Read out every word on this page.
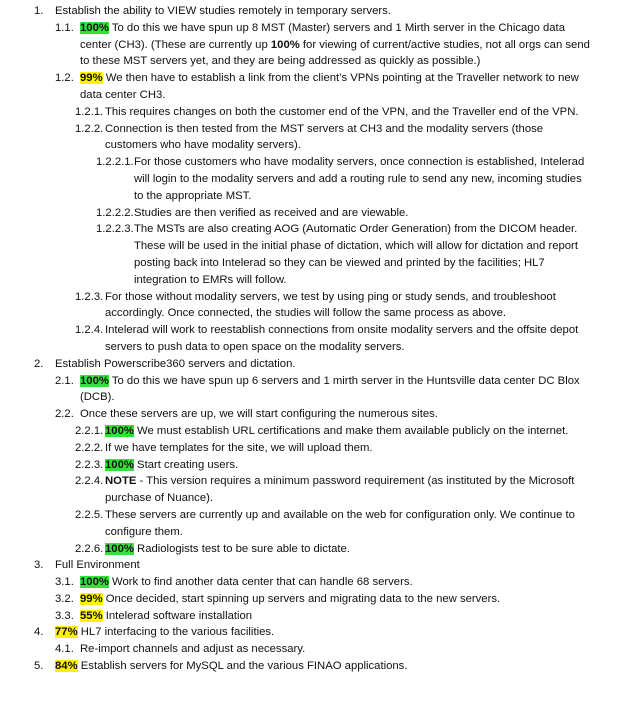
1. Establish the ability to VIEW studies remotely in temporary servers.
1.1. 100% To do this we have spun up 8 MST (Master) servers and 1 Mirth server in the Chicago data center (CH3). (These are currently up 100% for viewing of current/active studies, not all orgs can send to these MST servers yet, and they are being addressed as quickly as possible.)
1.2. 99% We then have to establish a link from the client’s VPNs pointing at the Traveller network to new data center CH3.
1.2.1. This requires changes on both the customer end of the VPN, and the Traveller end of the VPN.
1.2.2. Connection is then tested from the MST servers at CH3 and the modality servers (those customers who have modality servers).
1.2.2.1. For those customers who have modality servers, once connection is established, Intelerad will login to the modality servers and add a routing rule to send any new, incoming studies to the appropriate MST.
1.2.2.2. Studies are then verified as received and are viewable.
1.2.2.3. The MSTs are also creating AOG (Automatic Order Generation) from the DICOM header. These will be used in the initial phase of dictation, which will allow for dictation and report posting back into Intelerad so they can be viewed and printed by the facilities; HL7 integration to EMRs will follow.
1.2.3. For those without modality servers, we test by using ping or study sends, and troubleshoot accordingly. Once connected, the studies will follow the same process as above.
1.2.4. Intelerad will work to reestablish connections from onsite modality servers and the offsite depot servers to push data to open space on the modality servers.
2. Establish Powerscribe360 servers and dictation.
2.1. 100% To do this we have spun up 6 servers and 1 mirth server in the Huntsville data center DC Blox (DCB).
2.2. Once these servers are up, we will start configuring the numerous sites.
2.2.1. 100% We must establish URL certifications and make them available publicly on the internet.
2.2.2. If we have templates for the site, we will upload them.
2.2.3. 100% Start creating users.
2.2.4. NOTE - This version requires a minimum password requirement (as instituted by the Microsoft purchase of Nuance).
2.2.5. These servers are currently up and available on the web for configuration only. We continue to configure them.
2.2.6. 100% Radiologists test to be sure able to dictate.
3. Full Environment
3.1. 100% Work to find another data center that can handle 68 servers.
3.2. 99% Once decided, start spinning up servers and migrating data to the new servers.
3.3. 55% Intelerad software installation
4. 77% HL7 interfacing to the various facilities.
4.1. Re-import channels and adjust as necessary.
5. 84% Establish servers for MySQL and the various FINAO applications.
